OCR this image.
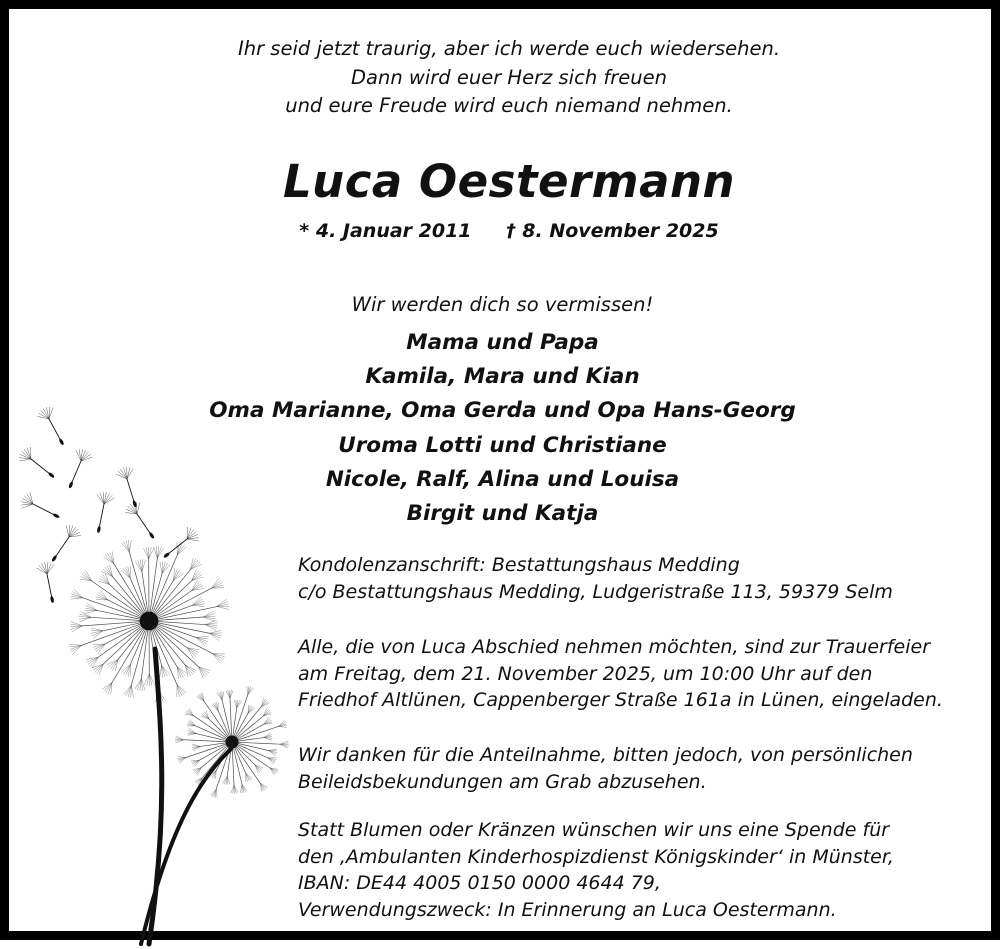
Ihr seid jetzt traurig, aber ich werde euch wiedersehen.
Dann wird euer Herz sich freuen
und eure Freude wird euch niemand nehmen.
Luca Oestermann
* 4. Januar 2011 † 8. November 2025
Wir werden dich so vermissen!
Mama und Papa
Kamila, Mara und Kian
Oma Marianne, Oma Gerda und Opa Hans-Georg
Uroma Lotti und Christiane
Nicole, Ralf, Alina und Louisa
Birgit und Katja
Kondolenzanschrift: Bestattungshaus Medding
c/o Bestattungshaus Medding, Ludgeristraße 113, 59379 Selm
Alle, die von Luca Abschied nehmen möchten, sind zur Trauerfeier
am Freitag, dem 21. November 2025, um 10:00 Uhr auf den
Friedhof Altlünen, Cappenberger Straße 161a in Lünen, eingeladen.
Wir danken für die Anteilnahme, bitten jedoch, von persönlichen
Beileidsbekundungen am Grab abzusehen.
Statt Blumen oder Kränzen wünschen wir uns eine Spende für
den ‚Ambulanten Kinderhospizdienst Königskinder‘ in Münster,
IBAN: DE44 4005 0150 0000 4644 79,
Verwendungszweck: In Erinnerung an Luca Oestermann.
